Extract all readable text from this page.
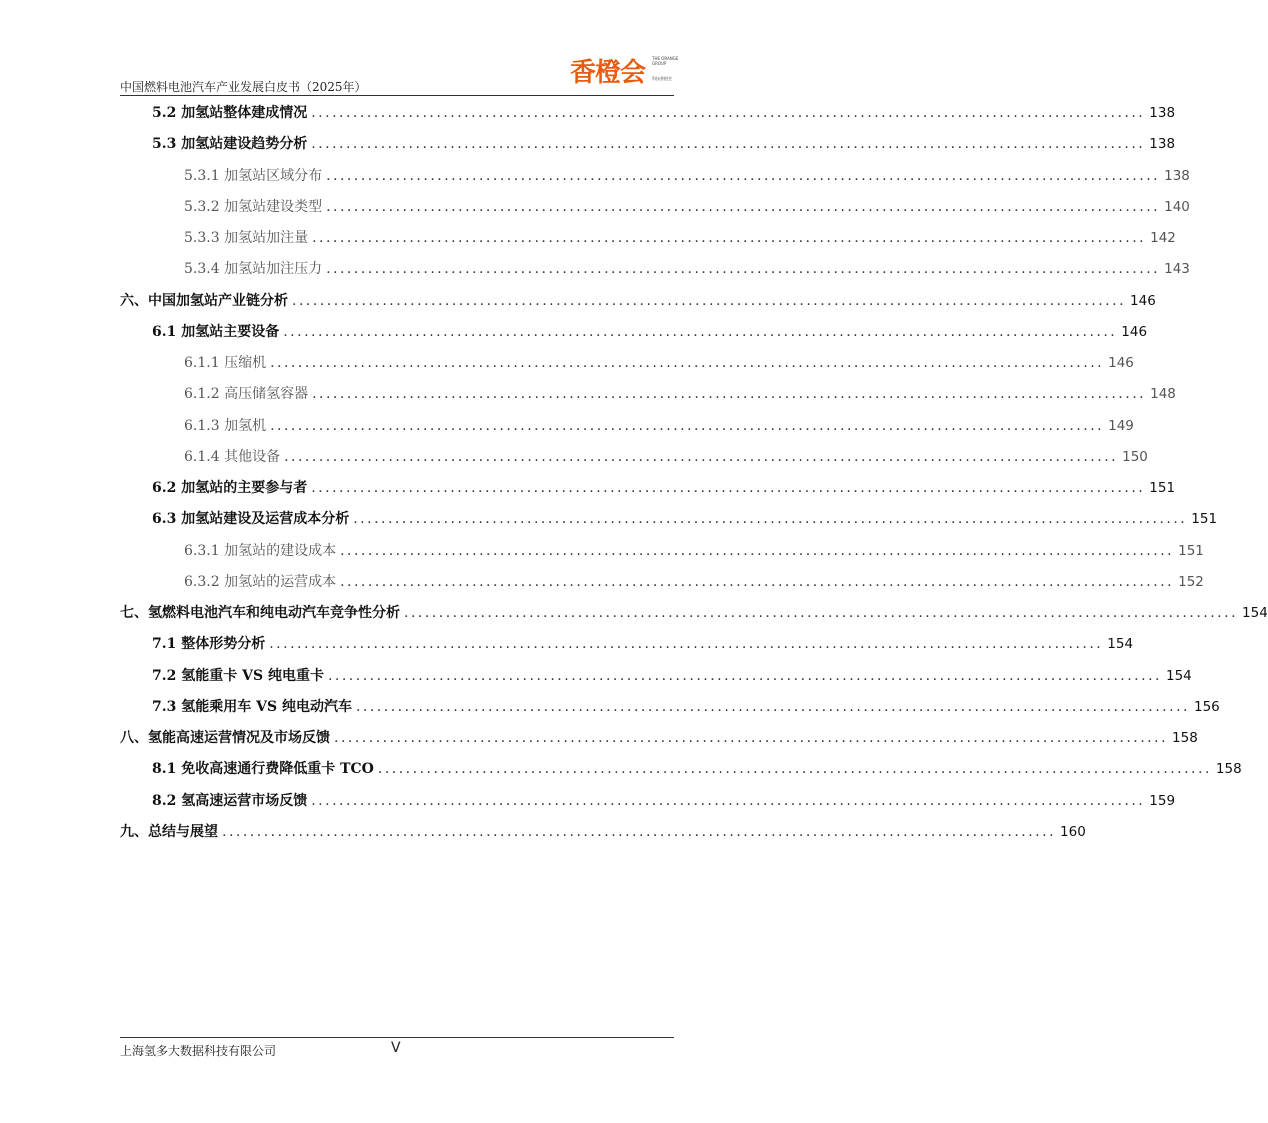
中国燃料电池汽车产业发展白皮书（2025年）	香橙会 THE ORANGE GROUP
科技香橙会
5.2 加氢站整体建成情况 ........................................................................................................................ 138
5.3 加氢站建设趋势分析 ........................................................................................................................ 138
5.3.1 加氢站区域分布 ........................................................................................................................ 138
5.3.2 加氢站建设类型 ........................................................................................................................ 140
5.3.3 加氢站加注量 ........................................................................................................................ 142
5.3.4 加氢站加注压力 ........................................................................................................................ 143
六、中国加氢站产业链分析 ........................................................................................................................ 146
6.1 加氢站主要设备 ........................................................................................................................ 146
6.1.1 压缩机 ........................................................................................................................ 146
6.1.2 高压储氢容器 ........................................................................................................................ 148
6.1.3 加氢机 ........................................................................................................................ 149
6.1.4 其他设备 ........................................................................................................................ 150
6.2 加氢站的主要参与者 ........................................................................................................................ 151
6.3 加氢站建设及运营成本分析 ........................................................................................................................ 151
6.3.1 加氢站的建设成本 ........................................................................................................................ 151
6.3.2 加氢站的运营成本 ........................................................................................................................ 152
七、氢燃料电池汽车和纯电动汽车竞争性分析 ........................................................................................................................ 154
7.1 整体形势分析 ........................................................................................................................ 154
7.2 氢能重卡 VS 纯电重卡 ........................................................................................................................ 154
7.3 氢能乘用车 VS 纯电动汽车 ........................................................................................................................ 156
八、氢能高速运营情况及市场反馈 ........................................................................................................................ 158
8.1 免收高速通行费降低重卡 TCO ........................................................................................................................ 158
8.2 氢高速运营市场反馈 ........................................................................................................................ 159
九、总结与展望 ........................................................................................................................ 160
上海氢多大数据科技有限公司	V
